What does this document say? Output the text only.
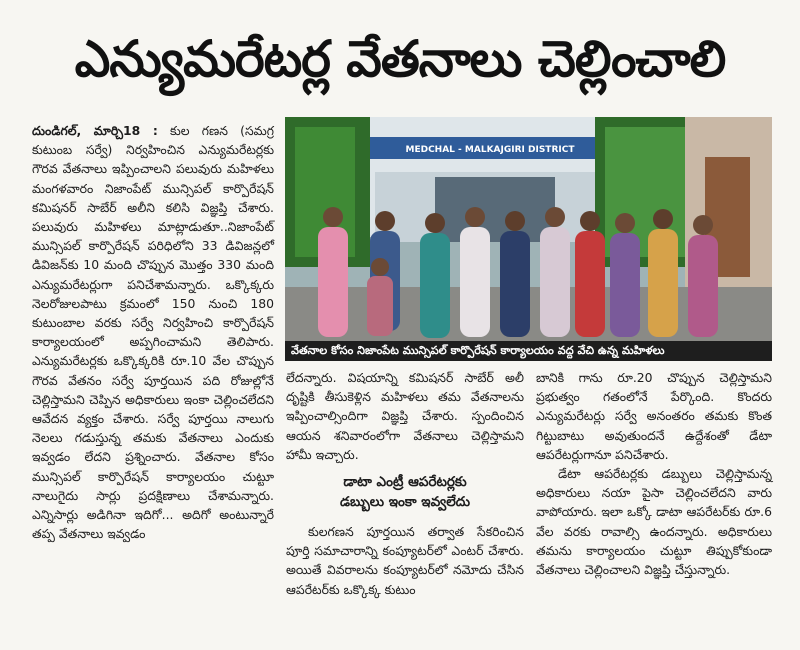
ఎన్యుమరేటర్ల వేతనాలు చెల్లించాలి

దుండిగల్, మార్చి18 : కుల గణన (సమగ్ర కుటుంబ సర్వే) నిర్వహించిన ఎన్యుమరేటర్లకు గౌరవ వేతనాలు ఇప్పించాలని పలువురు మహిళలు మంగళవారం నిజాంపేట్ మున్సిపల్ కార్పొరేషన్ కమిషనర్ సాబేర్ అలీని కలిసి విజ్ఞప్తి చేశారు. పలువురు మహిళలు మాట్లాడుతూ..నిజాంపేట్ మున్సిపల్ కార్పొరేషన్ పరిధిలోని 33 డివిజన్లలో డివిజన్‌కు 10 మంది చొప్పున మొత్తం 330 మంది ఎన్యుమరేటర్లుగా పనిచేశామన్నారు. ఒక్కొక్కరు నెలరోజులపాటు క్రమంలో 150 నుంచి 180 కుటుంబాల వరకు సర్వే నిర్వహించి కార్పొరేషన్ కార్యాలయంలో అప్పగించామని తెలిపారు. ఎన్యుమరేటర్లకు ఒక్కొక్కరికి రూ.10 వేల చొప్పున గౌరవ వేతనం సర్వే పూర్తయిన పది రోజుల్లోనే చెల్లిస్తామని చెప్పిన అధికారులు ఇంకా చెల్లించలేదని ఆవేదన వ్యక్తం చేశారు. సర్వే పూర్తయి నాలుగు నెలలు గడుస్తున్న తమకు వేతనాలు ఎందుకు ఇవ్వడం లేదని ప్రశ్నించారు. వేతనాల కోసం మున్సిపల్ కార్పొరేషన్ కార్యాలయం చుట్టూ నాలుగైదు సార్లు ప్రదక్షిణాలు చేశామన్నారు. ఎన్నిసార్లు అడిగినా ఇదిగో... అదిగో అంటున్నారే తప్ప వేతనాలు ఇవ్వడం

MEDCHAL - MALKAJGIRI DISTRICT
వేతనాల కోసం నిజాంపేట మున్సిపల్ కార్పొరేషన్ కార్యాలయం వద్ద వేచి ఉన్న మహిళలు

లేదన్నారు. విషయాన్ని కమిషనర్ సాబేర్ అలీ దృష్టికి తీసుకెళ్లిన మహిళలు తమ వేతనాలను ఇప్పించాల్సిందిగా విజ్ఞప్తి చేశారు. స్పందించిన ఆయన శనివారంలోగా వేతనాలు చెల్లిస్తామని హామీ ఇచ్చారు.

డాటా ఎంట్రీ ఆపరేటర్లకు
డబ్బులు ఇంకా ఇవ్వలేదు

కులగణన పూర్తయిన తర్వాత సేకరించిన పూర్తి సమాచారాన్ని కంప్యూటర్‌లో ఎంటర్ చేశారు. అయితే వివరాలను కంప్యూటర్‌లో నమోదు చేసిన ఆపరేటర్‌కు ఒక్కొక్క కుటుం

బానికి గాను రూ.20 చొప్పున చెల్లిస్తామని ప్రభుత్వం గతంలోనే పేర్కొంది. కొందరు ఎన్యుమరేటర్లు సర్వే అనంతరం తమకు కొంత గిట్టుబాటు అవుతుందనే ఉద్దేశంతో డేటా ఆపరేటర్లుగానూ పనిచేశారు.

డేటా ఆపరేటర్లకు డబ్బులు చెల్లిస్తామన్న అధికారులు నయా పైసా చెల్లించలేదని వారు వాపోయారు. ఇలా ఒక్కో డాటా ఆపరేటర్‌కు రూ.6 వేల వరకు రావాల్సి ఉందన్నారు. అధికారులు తమను కార్యాలయం చుట్టూ తిప్పుకోకుండా వేతనాలు చెల్లించాలని విజ్ఞప్తి చేస్తున్నారు.
